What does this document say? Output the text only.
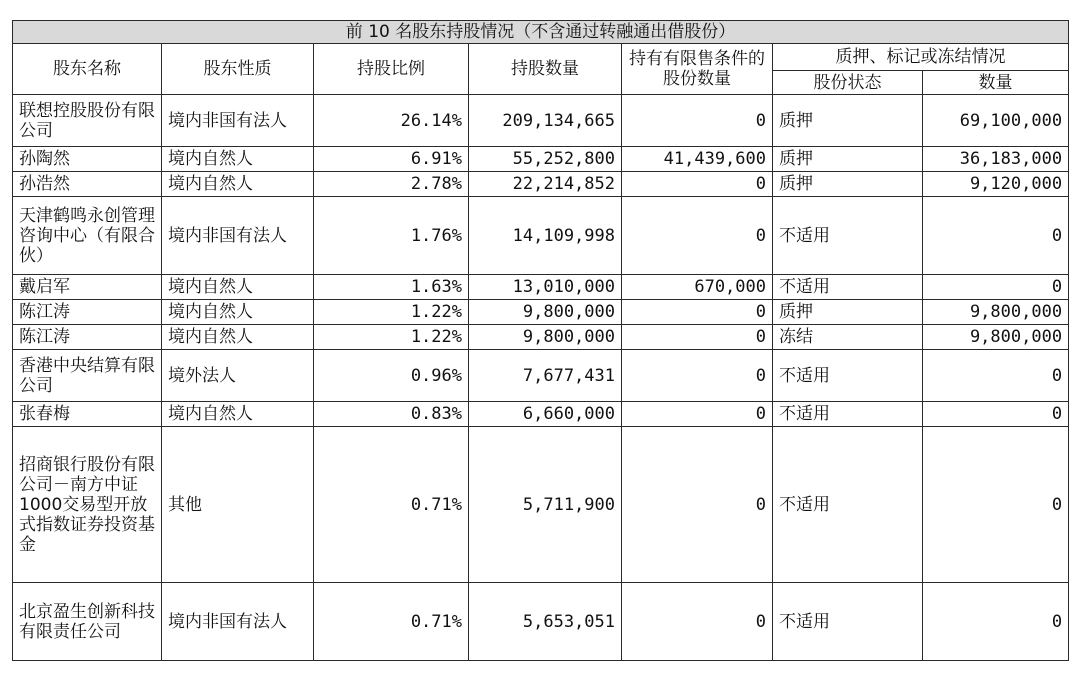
前 10 名股东持股情况（不含通过转融通出借股份）						
股东名称	股东性质	持股比例	持股数量	持有有限售条件的股份数量	质押、标记或冻结情况	
					股份状态	数量
联想控股股份有限公司	境内非国有法人	26.14%	209,134,665	0	质押	69,100,000
孙陶然	境内自然人	6.91%	55,252,800	41,439,600	质押	36,183,000
孙浩然	境内自然人	2.78%	22,214,852	0	质押	9,120,000
天津鹤鸣永创管理咨询中心（有限合伙）	境内非国有法人	1.76%	14,109,998	0	不适用	0
戴启军	境内自然人	1.63%	13,010,000	670,000	不适用	0
陈江涛	境内自然人	1.22%	9,800,000	0	质押	9,800,000
陈江涛	境内自然人	1.22%	9,800,000	0	冻结	9,800,000
香港中央结算有限公司	境外法人	0.96%	7,677,431	0	不适用	0
张春梅	境内自然人	0.83%	6,660,000	0	不适用	0
招商银行股份有限公司－南方中证1000交易型开放式指数证券投资基金	其他	0.71%	5,711,900	0	不适用	0
北京盈生创新科技有限责任公司	境内非国有法人	0.71%	5,653,051	0	不适用	0
